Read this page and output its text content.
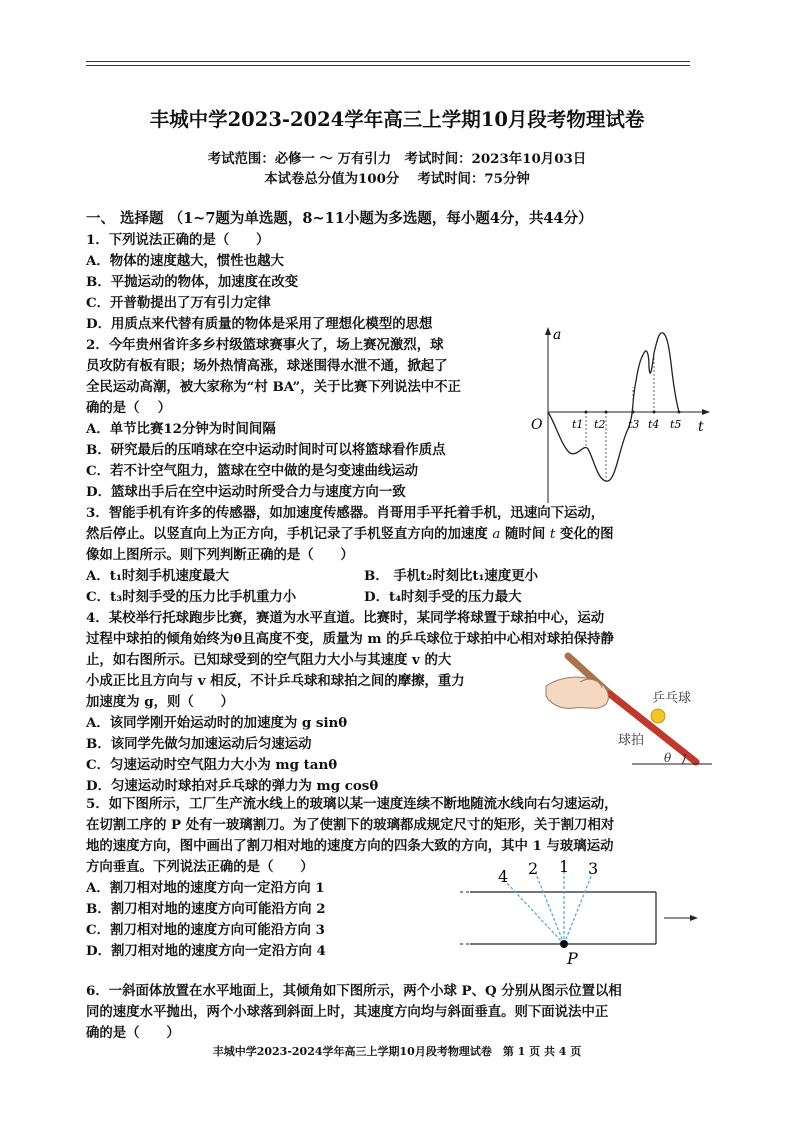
丰城中学2023-2024学年高三上学期10月段考物理试卷
考试范围：必修一 ～ 万有引力　考试时间：2023年10月03日
本试卷总分值为100分　 考试时间：75分钟
一、 选择题 （1~7题为单选题，8~11小题为多选题，每小题4分，共44分）
1．下列说法正确的是（　　）
A．物体的速度越大，惯性也越大
B．平抛运动的物体，加速度在改变
C．开普勒提出了万有引力定律
D．用质点来代替有质量的物体是采用了理想化模型的思想
2．今年贵州省许多乡村级篮球赛事火了，场上赛况激烈，球
员攻防有板有眼；场外热情高涨，球迷围得水泄不通，掀起了
全民运动高潮，被大家称为“村 BA”，关于比赛下列说法中不正
确的是（　 ）
A．单节比赛12分钟为时间间隔
B．研究最后的压哨球在空中运动时间时可以将篮球看作质点
C．若不计空气阻力，篮球在空中做的是匀变速曲线运动
D．篮球出手后在空中运动时所受合力与速度方向一致
a
t
O	t1 t2 t3 t4 t5
3．智能手机有许多的传感器，如加速度传感器。肖哥用手平托着手机，迅速向下运动，
然后停止。以竖直向上为正方向，手机记录了手机竖直方向的加速度 a 随时间 t 变化的图
像如上图所示。则下列判断正确的是（　　）
A．t₁时刻手机速度最大	B． 手机t₂时刻比t₁速度更小
C．t₃时刻手受的压力比手机重力小	D．t₄时刻手受的压力最大
4．某校举行托球跑步比赛，赛道为水平直道。比赛时，某同学将球置于球拍中心，运动
过程中球拍的倾角始终为θ且高度不变，质量为 m 的乒乓球位于球拍中心相对球拍保持静
止，如右图所示。已知球受到的空气阻力大小与其速度 v 的大
小成正比且方向与 v 相反，不计乒乓球和球拍之间的摩擦，重力
加速度为 g，则（　　）
A．该同学刚开始运动时的加速度为 g sinθ
B．该同学先做匀加速运动后匀速运动
C．匀速运动时空气阻力大小为 mg tanθ
D．匀速运动时球拍对乒乓球的弹力为 mg cosθ
乒乓球
球拍
θ
5．如下图所示，工厂生产流水线上的玻璃以某一速度连续不断地随流水线向右匀速运动，
在切割工序的 P 处有一玻璃割刀。为了使割下的玻璃都成规定尺寸的矩形，关于割刀相对
地的速度方向，图中画出了割刀相对地的速度方向的四条大致的方向，其中 1 与玻璃运动
方向垂直。下列说法正确的是（　　）
A．割刀相对地的速度方向一定沿方向 1
B．割刀相对地的速度方向可能沿方向 2
C．割刀相对地的速度方向可能沿方向 3
D．割刀相对地的速度方向一定沿方向 4
4 2 1 3
P
6．一斜面体放置在水平地面上，其倾角如下图所示，两个小球 P、Q 分别从图示位置以相
同的速度水平抛出，两个小球落到斜面上时，其速度方向均与斜面垂直。则下面说法中正
确的是（　　）
丰城中学2023-2024学年高三上学期10月段考物理试卷　第 1 页 共 4 页
